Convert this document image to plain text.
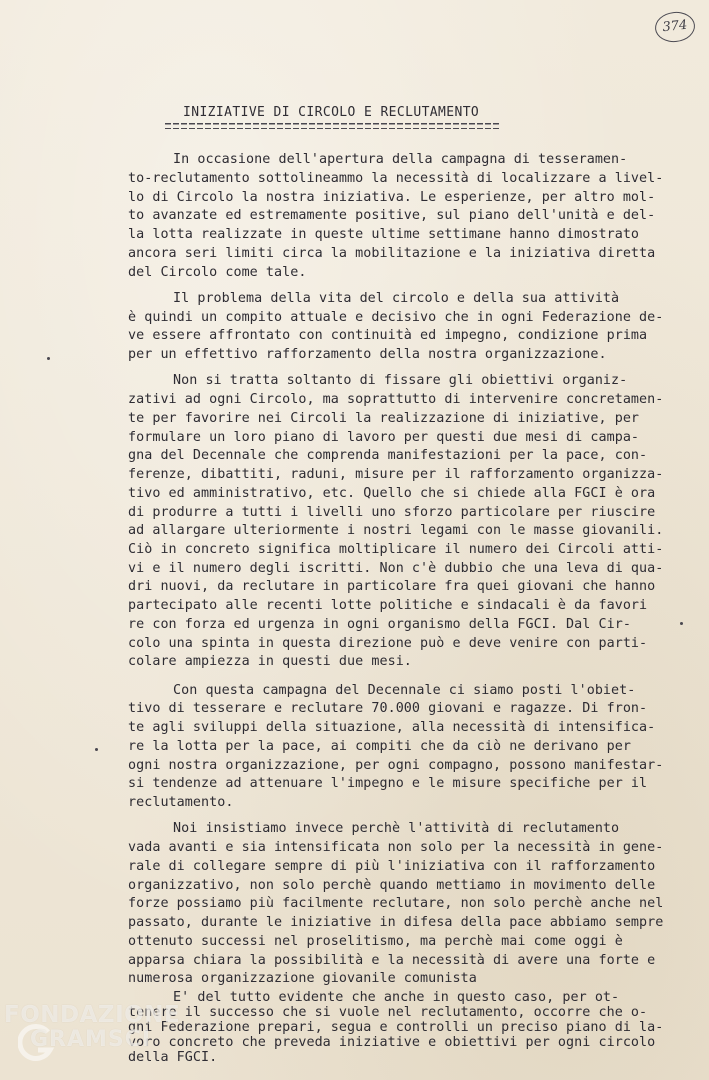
374
INIZIATIVE DI CIRCOLO E RECLUTAMENTO
In occasione dell'apertura della campagna di tesseramen-
to-reclutamento sottolineammo la necessità di localizzare a livel-
lo di Circolo la nostra iniziativa. Le esperienze, per altro mol-
to avanzate ed estremamente positive, sul piano dell'unità e del-
la lotta realizzate in queste ultime settimane hanno dimostrato
ancora seri limiti circa la mobilitazione e la iniziativa diretta
del Circolo come tale.
Il problema della vita del circolo e della sua attività
è quindi un compito attuale e decisivo che in ogni Federazione de-
ve essere affrontato con continuità ed impegno, condizione prima
per un effettivo rafforzamento della nostra organizzazione.
Non si tratta soltanto di fissare gli obiettivi organiz-
zativi ad ogni Circolo, ma soprattutto di intervenire concretamen-
te per favorire nei Circoli la realizzazione di iniziative, per
formulare un loro piano di lavoro per questi due mesi di campa-
gna del Decennale che comprenda manifestazioni per la pace, con-
ferenze, dibattiti, raduni, misure per il rafforzamento organizza-
tivo ed amministrativo, etc. Quello che si chiede alla FGCI è ora
di produrre a tutti i livelli uno sforzo particolare per riuscire
ad allargare ulteriormente i nostri legami con le masse giovanili.
Ciò in concreto significa moltiplicare il numero dei Circoli atti-
vi e il numero degli iscritti. Non c'è dubbio che una leva di qua-
dri nuovi, da reclutare in particolare fra quei giovani che hanno
partecipato alle recenti lotte politiche e sindacali è da favori
re con forza ed urgenza in ogni organismo della FGCI. Dal Cir-
colo una spinta in questa direzione può e deve venire con parti-
colare ampiezza in questi due mesi.
Con questa campagna del Decennale ci siamo posti l'obiet-
tivo di tesserare e reclutare 70.000 giovani e ragazze. Di fron-
te agli sviluppi della situazione, alla necessità di intensifica-
re la lotta per la pace, ai compiti che da ciò ne derivano per
ogni nostra organizzazione, per ogni compagno, possono manifestar-
si tendenze ad attenuare l'impegno e le misure specifiche per il
reclutamento.
Noi insistiamo invece perchè l'attività di reclutamento
vada avanti e sia intensificata non solo per la necessità in gene-
rale di collegare sempre di più l'iniziativa con il rafforzamento
organizzativo, non solo perchè quando mettiamo in movimento delle
forze possiamo più facilmente reclutare, non solo perchè anche nel
passato, durante le iniziative in difesa della pace abbiamo sempre
ottenuto successi nel proselitismo, ma perchè mai come oggi è
apparsa chiara la possibilità e la necessità di avere una forte e
numerosa organizzazione giovanile comunista
E' del tutto evidente che anche in questo caso, per ot-
tenere il successo che si vuole nel reclutamento, occorre che o-
gni Federazione prepari, segua e controlli un preciso piano di la-
voro concreto che preveda iniziative e obiettivi per ogni circolo
della FGCI.
FONDAZIONE
GRAMSCI
